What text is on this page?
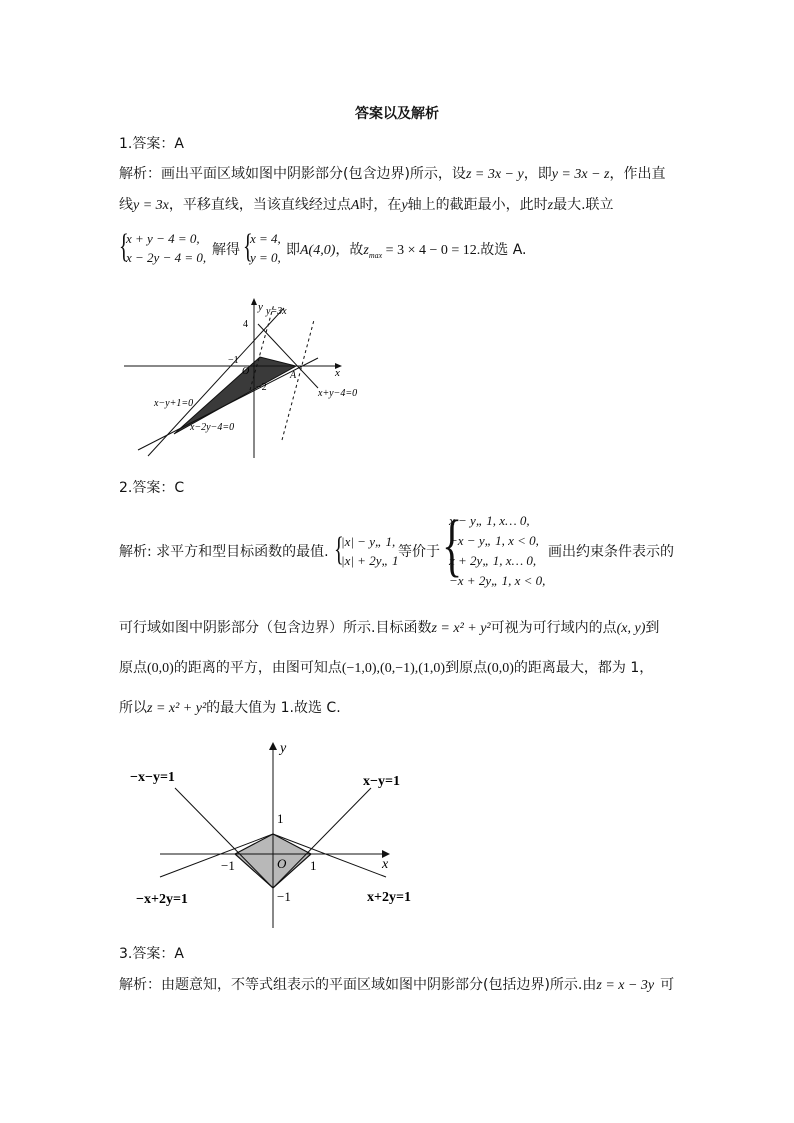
答案以及解析
1.答案：A
解析：画出平面区域如图中阴影部分(包含边界)所示，设z = 3x − y，即y = 3x − z，作出直
线y = 3x，平移直线，当该直线经过点A时，在y轴上的截距最小，此时z最大.联立
{
x + y − 4 = 0,
x − 2y − 4 = 0, 解得 {
x = 4,
y = 0, 即A(4,0)，故$z_{max} = 3 \times 4 - 0 = 12$.故选 A.
y
x
y=3x
4
−1
O
−2
A
x−y+1=0
x−2y−4=0
x+y−4=0
2.答案：C
解析: 求平方和型目标函数的最值. {
|x| − y„ 1,
|x| + 2y„ 1
等价于 {
x − y„ 1, x… 0,
−x − y„ 1, x < 0,
x + 2y„ 1, x… 0,
−x + 2y„ 1, x < 0,
画出约束条件表示的
可行域如图中阴影部分（包含边界）所示.目标函数z = x² + y²可视为可行域内的点(x, y)到
原点(0,0)的距离的平方，由图可知点(−1,0),(0,−1),(1,0)到原点(0,0)的距离最大，都为 1，
所以z = x² + y²的最大值为 1.故选 C.
y
x
−x−y=1	x−y=1
−x+2y=1	x+2y=1
1
−1	O 1
−1
3.答案：A
解析：由题意知，不等式组表示的平面区域如图中阴影部分(包括边界)所示.由z = x − 3y 可
